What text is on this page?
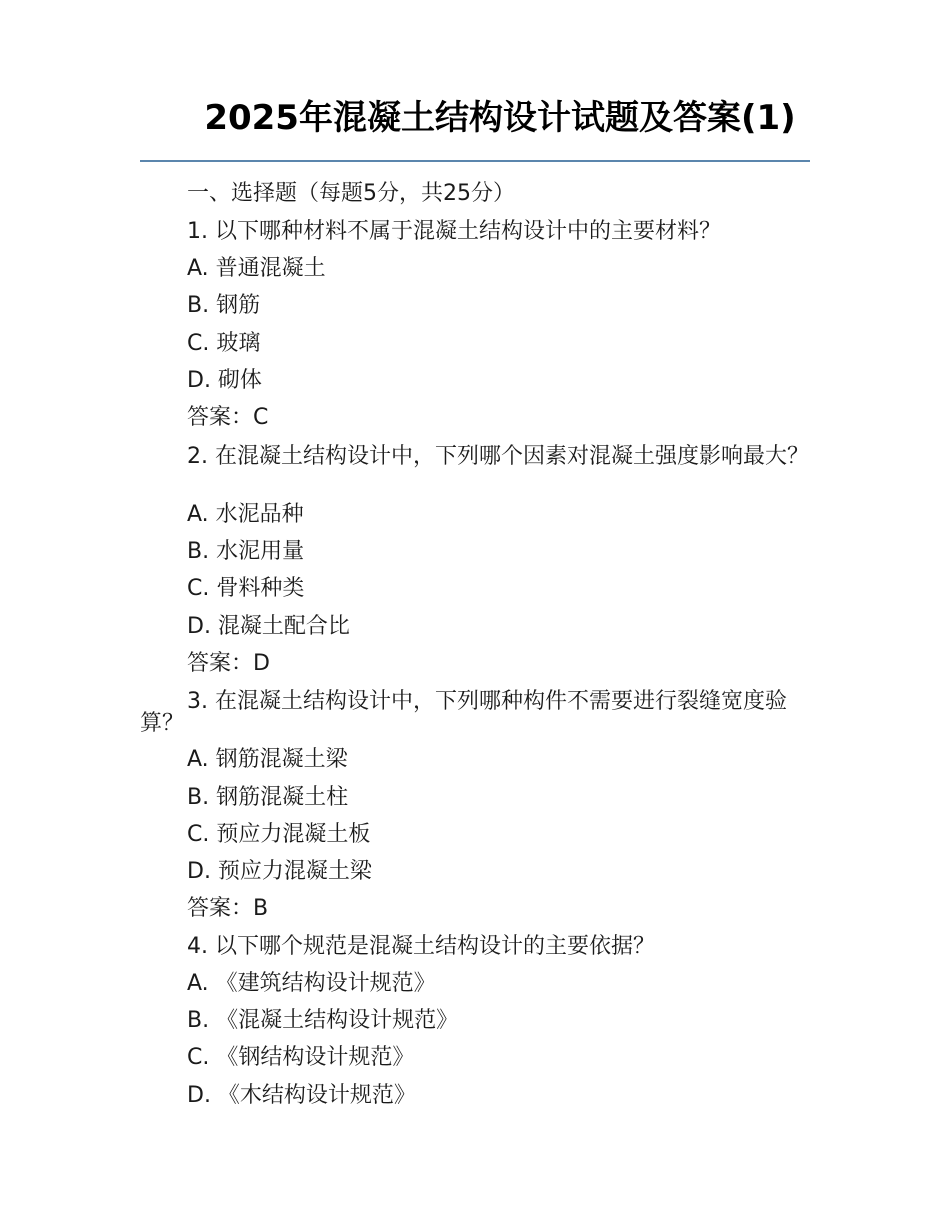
2025年混凝土结构设计试题及答案(1)
一、选择题（每题5分，共25分）
1. 以下哪种材料不属于混凝土结构设计中的主要材料？
A. 普通混凝土
B. 钢筋
C. 玻璃
D. 砌体
答案：C
2. 在混凝土结构设计中，下列哪个因素对混凝土强度影响最大？
A. 水泥品种
B. 水泥用量
C. 骨料种类
D. 混凝土配合比
答案：D
3. 在混凝土结构设计中，下列哪种构件不需要进行裂缝宽度验算？
A. 钢筋混凝土梁
B. 钢筋混凝土柱
C. 预应力混凝土板
D. 预应力混凝土梁
答案：B
4. 以下哪个规范是混凝土结构设计的主要依据？
A. 《建筑结构设计规范》
B. 《混凝土结构设计规范》
C. 《钢结构设计规范》
D. 《木结构设计规范》
